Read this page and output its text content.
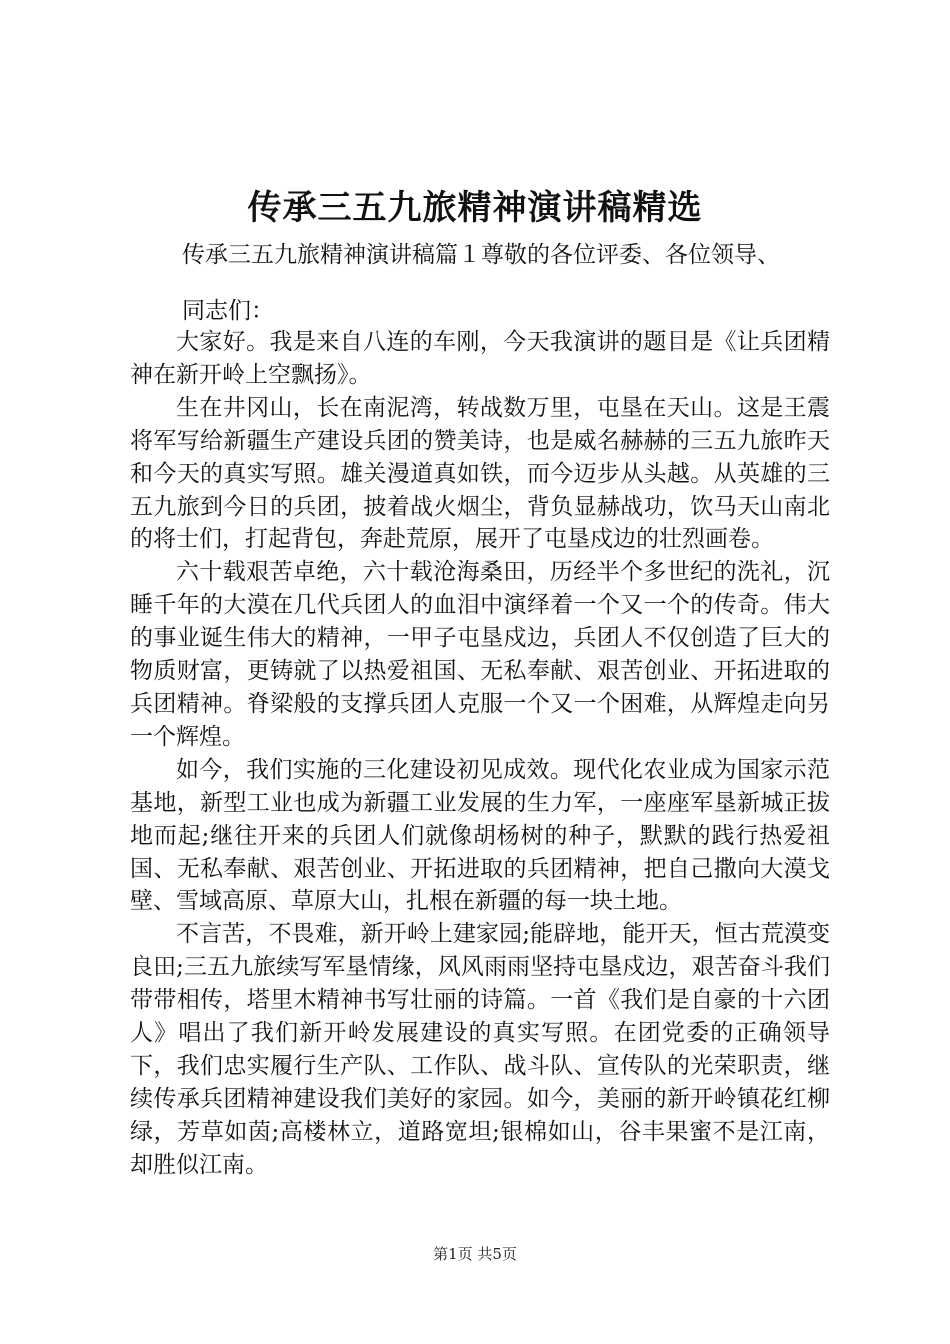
传承三五九旅精神演讲稿精选
传承三五九旅精神演讲稿篇１尊敬的各位评委、各位领导、
同志们：

大家好。我是来自八连的车刚，今天我演讲的题目是《让兵团精神在新开岭上空飘扬》。

生在井冈山，长在南泥湾，转战数万里，屯垦在天山。这是王震将军写给新疆生产建设兵团的赞美诗，也是威名赫赫的三五九旅昨天和今天的真实写照。雄关漫道真如铁，而今迈步从头越。从英雄的三五九旅到今日的兵团，披着战火烟尘，背负显赫战功，饮马天山南北的将士们，打起背包，奔赴荒原，展开了屯垦戍边的壮烈画卷。

六十载艰苦卓绝，六十载沧海桑田，历经半个多世纪的洗礼，沉睡千年的大漠在几代兵团人的血泪中演绎着一个又一个的传奇。伟大的事业诞生伟大的精神，一甲子屯垦戍边，兵团人不仅创造了巨大的物质财富，更铸就了以热爱祖国、无私奉献、艰苦创业、开拓进取的兵团精神。脊梁般的支撑兵团人克服一个又一个困难，从辉煌走向另一个辉煌。

如今，我们实施的三化建设初见成效。现代化农业成为国家示范基地，新型工业也成为新疆工业发展的生力军，一座座军垦新城正拔地而起;继往开来的兵团人们就像胡杨树的种子，默默的践行热爱祖国、无私奉献、艰苦创业、开拓进取的兵团精神，把自己撒向大漠戈壁、雪域高原、草原大山，扎根在新疆的每一块土地。

不言苦，不畏难，新开岭上建家园;能辟地，能开天，恒古荒漠变良田;三五九旅续写军垦情缘，风风雨雨坚持屯垦戍边，艰苦奋斗我们带带相传，塔里木精神书写壮丽的诗篇。一首《我们是自豪的十六团人》唱出了我们新开岭发展建设的真实写照。在团党委的正确领导下，我们忠实履行生产队、工作队、战斗队、宣传队的光荣职责，继续传承兵团精神建设我们美好的家园。如今，美丽的新开岭镇花红柳绿，芳草如茵;高楼林立，道路宽坦;银棉如山，谷丰果蜜不是江南，却胜似江南。

第1页 共5页
